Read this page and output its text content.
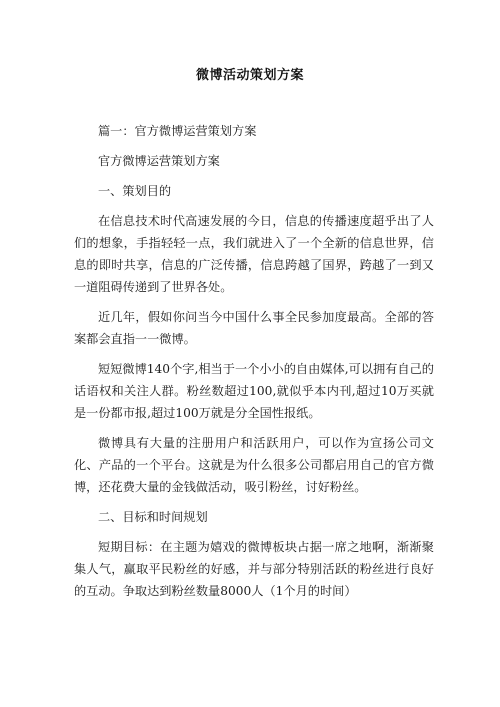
微博活动策划方案

篇一：官方微博运营策划方案

官方微博运营策划方案

一、策划目的

在信息技术时代高速发展的今日，信息的传播速度超乎出了人们的想象，手指轻轻一点，我们就进入了一个全新的信息世界，信息的即时共享，信息的广泛传播，信息跨越了国界，跨越了一到又一道阻碍传递到了世界各处。

近几年，假如你问当今中国什么事全民参加度最高。全部的答案都会直指一一微博。

短短微博140个字,相当于一个小小的自由媒体,可以拥有自己的话语权和关注人群。粉丝数超过100,就似乎本内刊,超过10万买就是一份都市报,超过100万就是分全国性报纸。

微博具有大量的注册用户和活跃用户，可以作为宣扬公司文化、产品的一个平台。这就是为什么很多公司都启用自己的官方微博，还花费大量的金钱做活动，吸引粉丝，讨好粉丝。

二、目标和时间规划

短期目标：在主题为嬉戏的微博板块占据一席之地啊，渐渐聚集人气，赢取平民粉丝的好感，并与部分特别活跃的粉丝进行良好的互动。争取达到粉丝数量8000人（1个月的时间）
